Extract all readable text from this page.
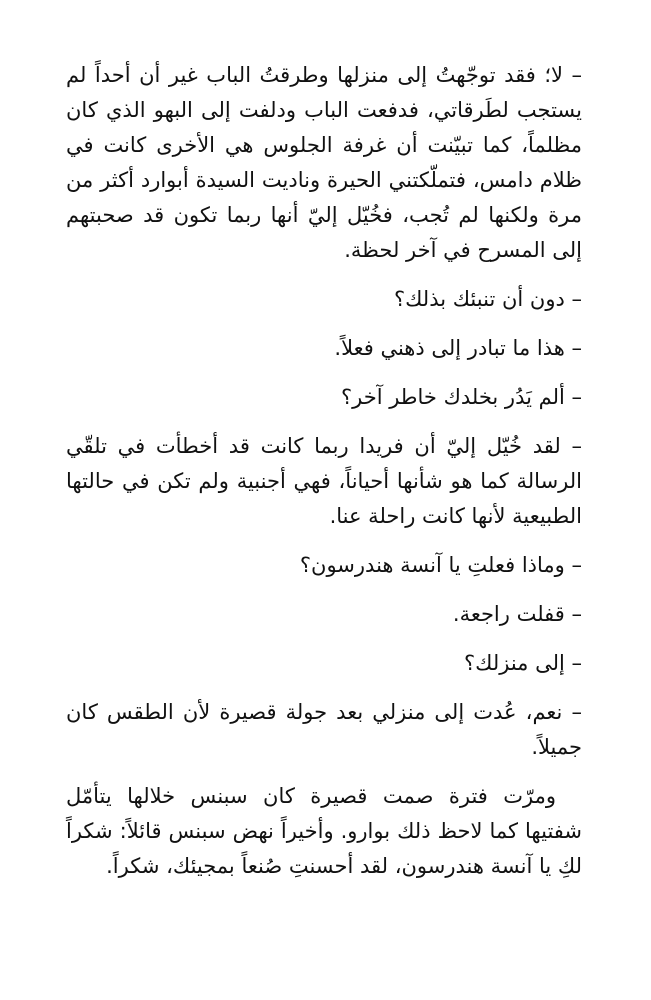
– لا؛ فقد توجّهتُ إلى منزلها وطرقتُ الباب غير أن أحداً لم يستجب لطَرقاتي، فدفعت الباب ودلفت إلى البهو الذي كان مظلماً، كما تبيّنت أن غرفة الجلوس هي الأخرى كانت في ظلام دامس، فتملّكتني الحيرة وناديت السيدة أبوارد أكثر من مرة ولكنها لم تُجب، فخُيّل إليّ أنها ربما تكون قد صحبتهم إلى المسرح في آخر لحظة.

– دون أن تنبئك بذلك؟

– هذا ما تبادر إلى ذهني فعلاً.

– ألم يَدُر بخلدك خاطر آخر؟

– لقد خُيّل إليّ أن فريدا ربما كانت قد أخطأت في تلقّي الرسالة كما هو شأنها أحياناً، فهي أجنبية ولم تكن في حالتها الطبيعية لأنها كانت راحلة عنا.

– وماذا فعلتِ يا آنسة هندرسون؟

– قفلت راجعة.

– إلى منزلك؟

– نعم، عُدت إلى منزلي بعد جولة قصيرة لأن الطقس كان جميلاً.

ومرّت فترة صمت قصيرة كان سبنس خلالها يتأمّل شفتيها كما لاحظ ذلك بوارو. وأخيراً نهض سبنس قائلاً: شكراً لكِ يا آنسة هندرسون، لقد أحسنتِ صُنعاً بمجيئك، شكراً.
